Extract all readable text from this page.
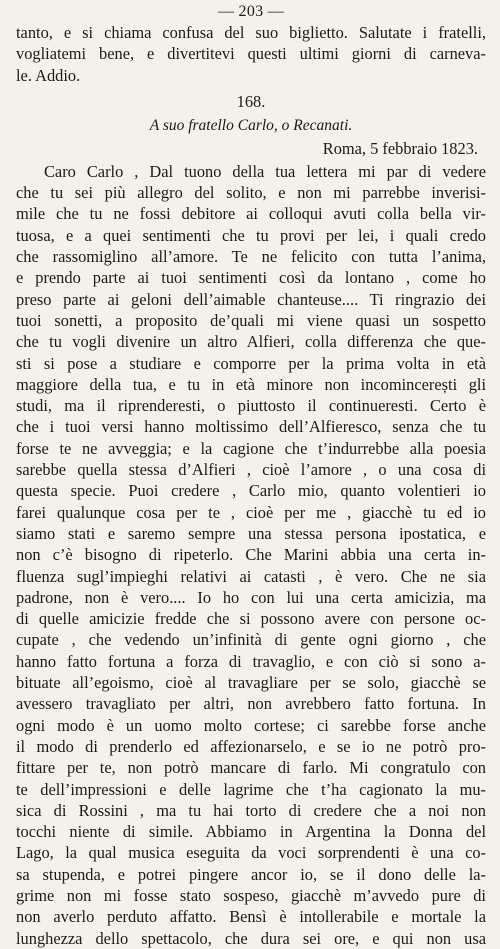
— 203 —
tanto, e si chiama confusa del suo biglietto. Salutate i fratelli,
vogliatemi bene, e divertitevi questi ultimi giorni di carneva-
le. Addio.
168.
A suo fratello Carlo, o Recanati.
Roma, 5 febbraio 1823.
Caro Carlo , Dal tuono della tua lettera mi par di vedere
che tu sei più allegro del solito, e non mi parrebbe inverisi-
mile che tu ne fossi debitore ai colloqui avuti colla bella vir-
tuosa, e a quei sentimenti che tu provi per lei, i quali credo
che rassomiglino all’amore. Te ne felicito con tutta l’anima,
e prendo parte ai tuoi sentimenti così da lontano , come ho
preso parte ai geloni dell’aimable chanteuse.... Ti ringrazio dei
tuoi sonetti, a proposito de’quali mi viene quasi un sospetto
che tu vogli divenire un altro Alfieri, colla differenza che que-
sti si pose a studiare e comporre per la prima volta in età
maggiore della tua, e tu in età minore non incomincerești gli
studi, ma il riprenderesti, o piuttosto il continueresti. Certo è
che i tuoi versi hanno moltissimo dell’Alfieresco, senza che tu
forse te ne avveggia; e la cagione che t’indurrebbe alla poesia
sarebbe quella stessa d’Alfieri , cioè l’amore , o una cosa di
questa specie. Puoi credere , Carlo mio, quanto volentieri io
farei qualunque cosa per te , cioè per me , giacchè tu ed io
siamo stati e saremo sempre una stessa persona ipostatica, e
non c’è bisogno di ripeterlo. Che Marini abbia una certa in-
fluenza sugl’impieghi relativi ai catasti , è vero. Che ne sia
padrone, non è vero.... Io ho con lui una certa amicizia, ma
di quelle amicizie fredde che si possono avere con persone oc-
cupate , che vedendo un’infinità di gente ogni giorno , che
hanno fatto fortuna a forza di travaglio, e con ciò si sono a-
bituate all’egoismo, cioè al travagliare per se solo, giacchè se
avessero travagliato per altri, non avrebbero fatto fortuna. In
ogni modo è un uomo molto cortese; ci sarebbe forse anche
il modo di prenderlo ed affezionarselo, e se io ne potrò pro-
fittare per te, non potrò mancare di farlo. Mi congratulo con
te dell’impressioni e delle lagrime che t’ha cagionato la mu-
sica di Rossini , ma tu hai torto di credere che a noi non
tocchi niente di simile. Abbiamo in Argentina la Donna del
Lago, la qual musica eseguita da voci sorprendenti è una co-
sa stupenda, e potrei pingere ancor io, se il dono delle la-
grime non mi fosse stato sospeso, giacchè m’avvedo pure di
non averlo perduto affatto. Bensì è intollerabile e mortale la
lunghezza dello spettacolo, che dura sei ore, e qui non usa
